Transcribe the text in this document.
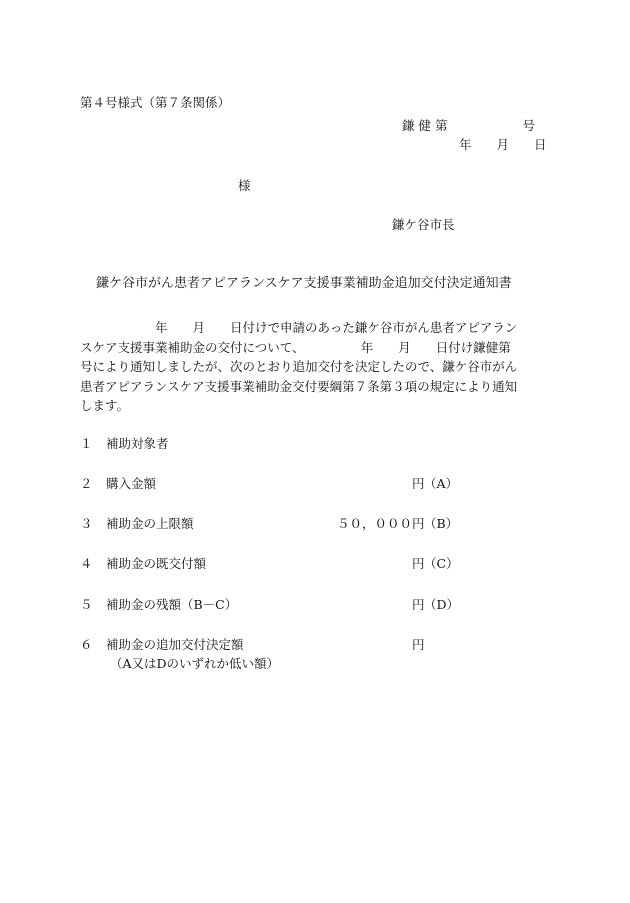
第４号様式（第７条関係）
鎌 健 第　　　　　　号
年　　月　　日
様
鎌ケ谷市長
鎌ケ谷市がん患者アピアランスケア支援事業補助金追加交付決定通知書
　　　　　　年　　月　　日付けで申請のあった鎌ケ谷市がん患者アピアラン
スケア支援事業補助金の交付について、　　　　　年　　月　　日付け鎌健第
号により通知しましたが、次のとおり追加交付を決定したので、鎌ケ谷市がん
患者アピアランスケア支援事業補助金交付要綱第７条第３項の規定により通知
します。
１ 補助対象者
２ 購入金額	円 （A）
３ 補助金の上限額	５０，０００円 （B）
４ 補助金の既交付額	円 （C）
５ 補助金の残額（B－C）	円 （D）
６ 補助金の追加交付決定額	円
（A又はDのいずれか低い額）
